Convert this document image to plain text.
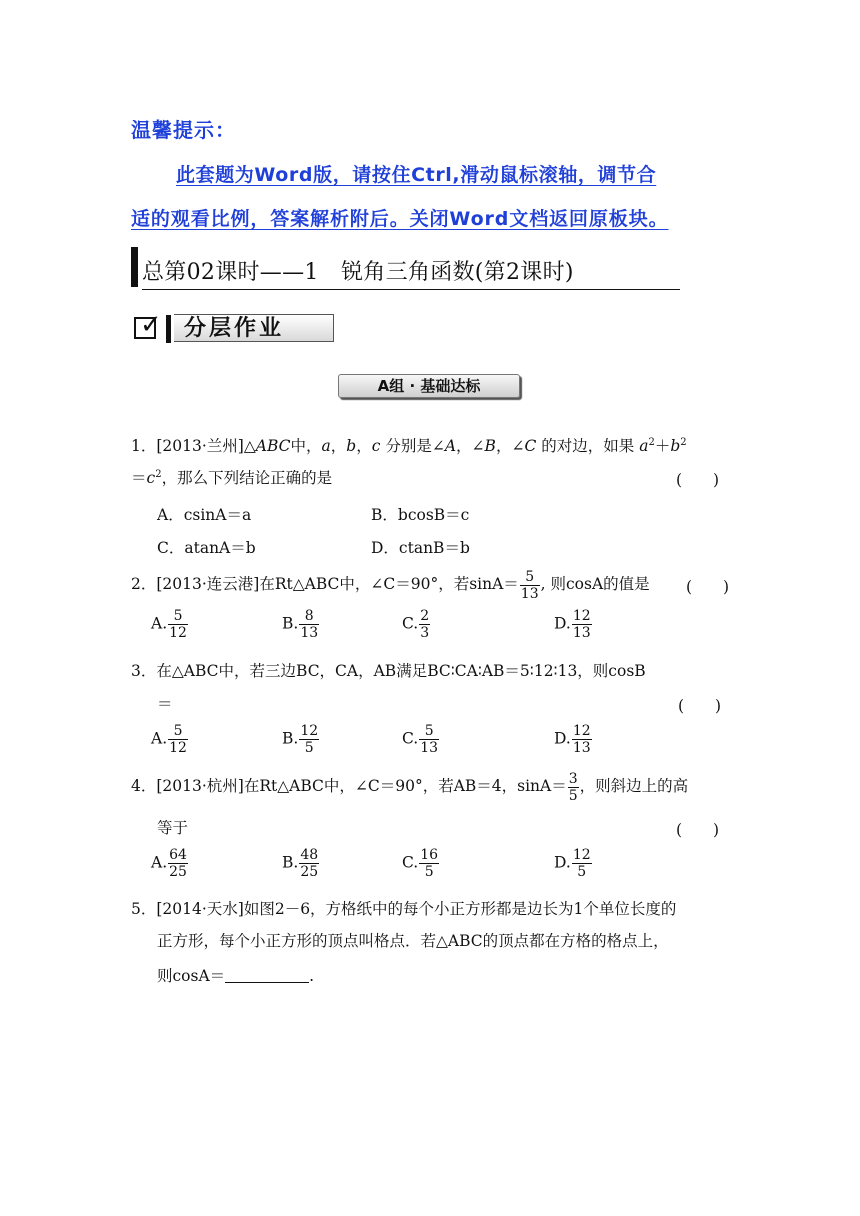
温馨提示：
此套题为Word版，请按住Ctrl,滑动鼠标滚轴，调节合
适的观看比例，答案解析附后。关闭Word文档返回原板块。
总第02课时——1　锐角三角函数(第2课时)
✓ 分层作业
A组 · 基础达标
1．[2013·兰州]△ABC中，a，b，c 分别是∠A，∠B，∠C 的对边，如果 $a^2+b^2$
$=c^2$，那么下列结论正确的是	(　　)
A．csinA＝a	B．bcosB＝c
C．atanA＝b	D．ctanB＝b
2．[2013·连云港]在Rt△ABC中，∠C＝90°，若$\sin A= \frac{5}{13}$ , 则cosA的值是 (　　)
A. $\frac{5}{12}$	B. $\frac{8}{13}$	C. $\frac{2}{3}$	D. $\frac{12}{13}$
3．在△ABC中，若三边BC，CA，AB满足BC∶CA∶AB＝5∶12∶13，则cosB
＝	(　　)
A. $\frac{5}{12}$	B. $\frac{12}{5}$	C. $\frac{5}{13}$	D. $\frac{12}{13}$
4．[2013·杭州]在Rt△ABC中，∠C＝90°，若AB＝4，$\sin A= \frac{3}{5}$ ，则斜边上的高
等于	(　　)
A. $\frac{64}{25}$	B. $\frac{48}{25}$	C. $\frac{16}{5}$	D. $\frac{12}{5}$
5．[2014·天水]如图2－6，方格纸中的每个小正方形都是边长为1个单位长度的
正方形，每个小正方形的顶点叫格点．若△ABC的顶点都在方格的格点上，
则cosA＝	.
